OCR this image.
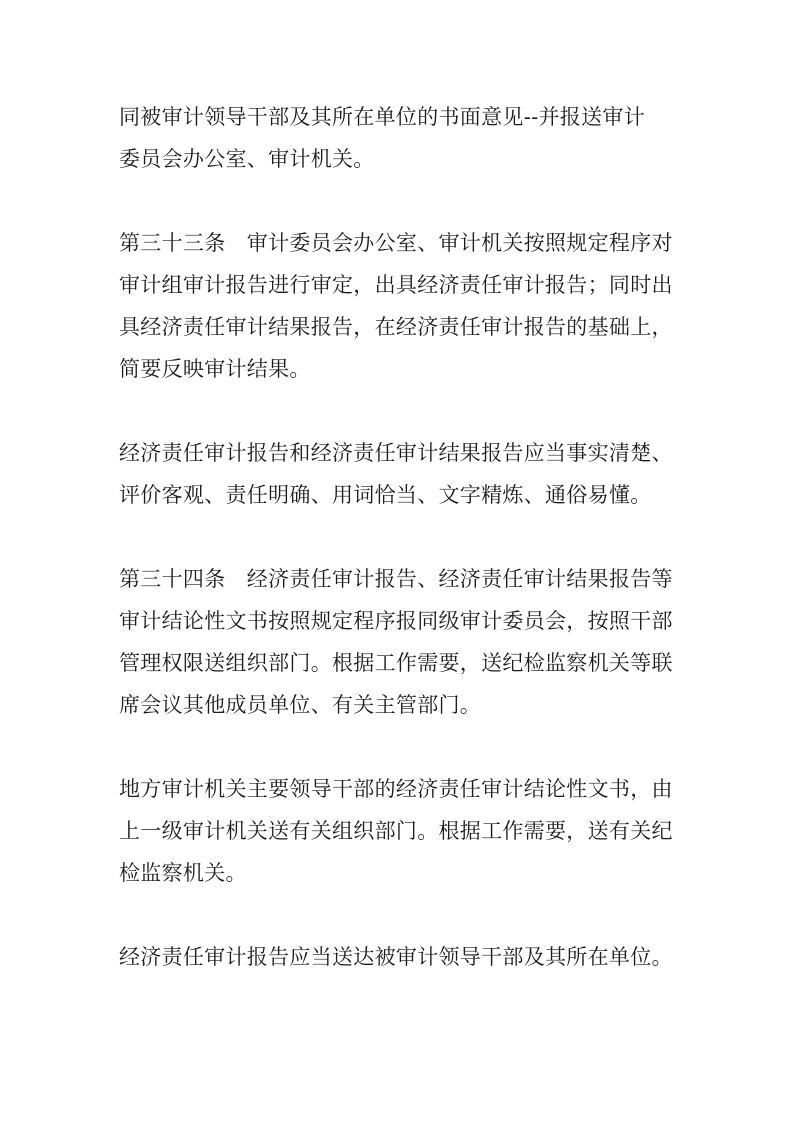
同被审计领导干部及其所在单位的书面意见--并报送审计
委员会办公室、审计机关。
第三十三条　审计委员会办公室、审计机关按照规定程序对
审计组审计报告进行审定，出具经济责任审计报告；同时出
具经济责任审计结果报告，在经济责任审计报告的基础上，
简要反映审计结果。
经济责任审计报告和经济责任审计结果报告应当事实清楚、
评价客观、责任明确、用词恰当、文字精炼、通俗易懂。
第三十四条　经济责任审计报告、经济责任审计结果报告等
审计结论性文书按照规定程序报同级审计委员会，按照干部
管理权限送组织部门。根据工作需要，送纪检监察机关等联
席会议其他成员单位、有关主管部门。
地方审计机关主要领导干部的经济责任审计结论性文书，由
上一级审计机关送有关组织部门。根据工作需要，送有关纪
检监察机关。
经济责任审计报告应当送达被审计领导干部及其所在单位。
